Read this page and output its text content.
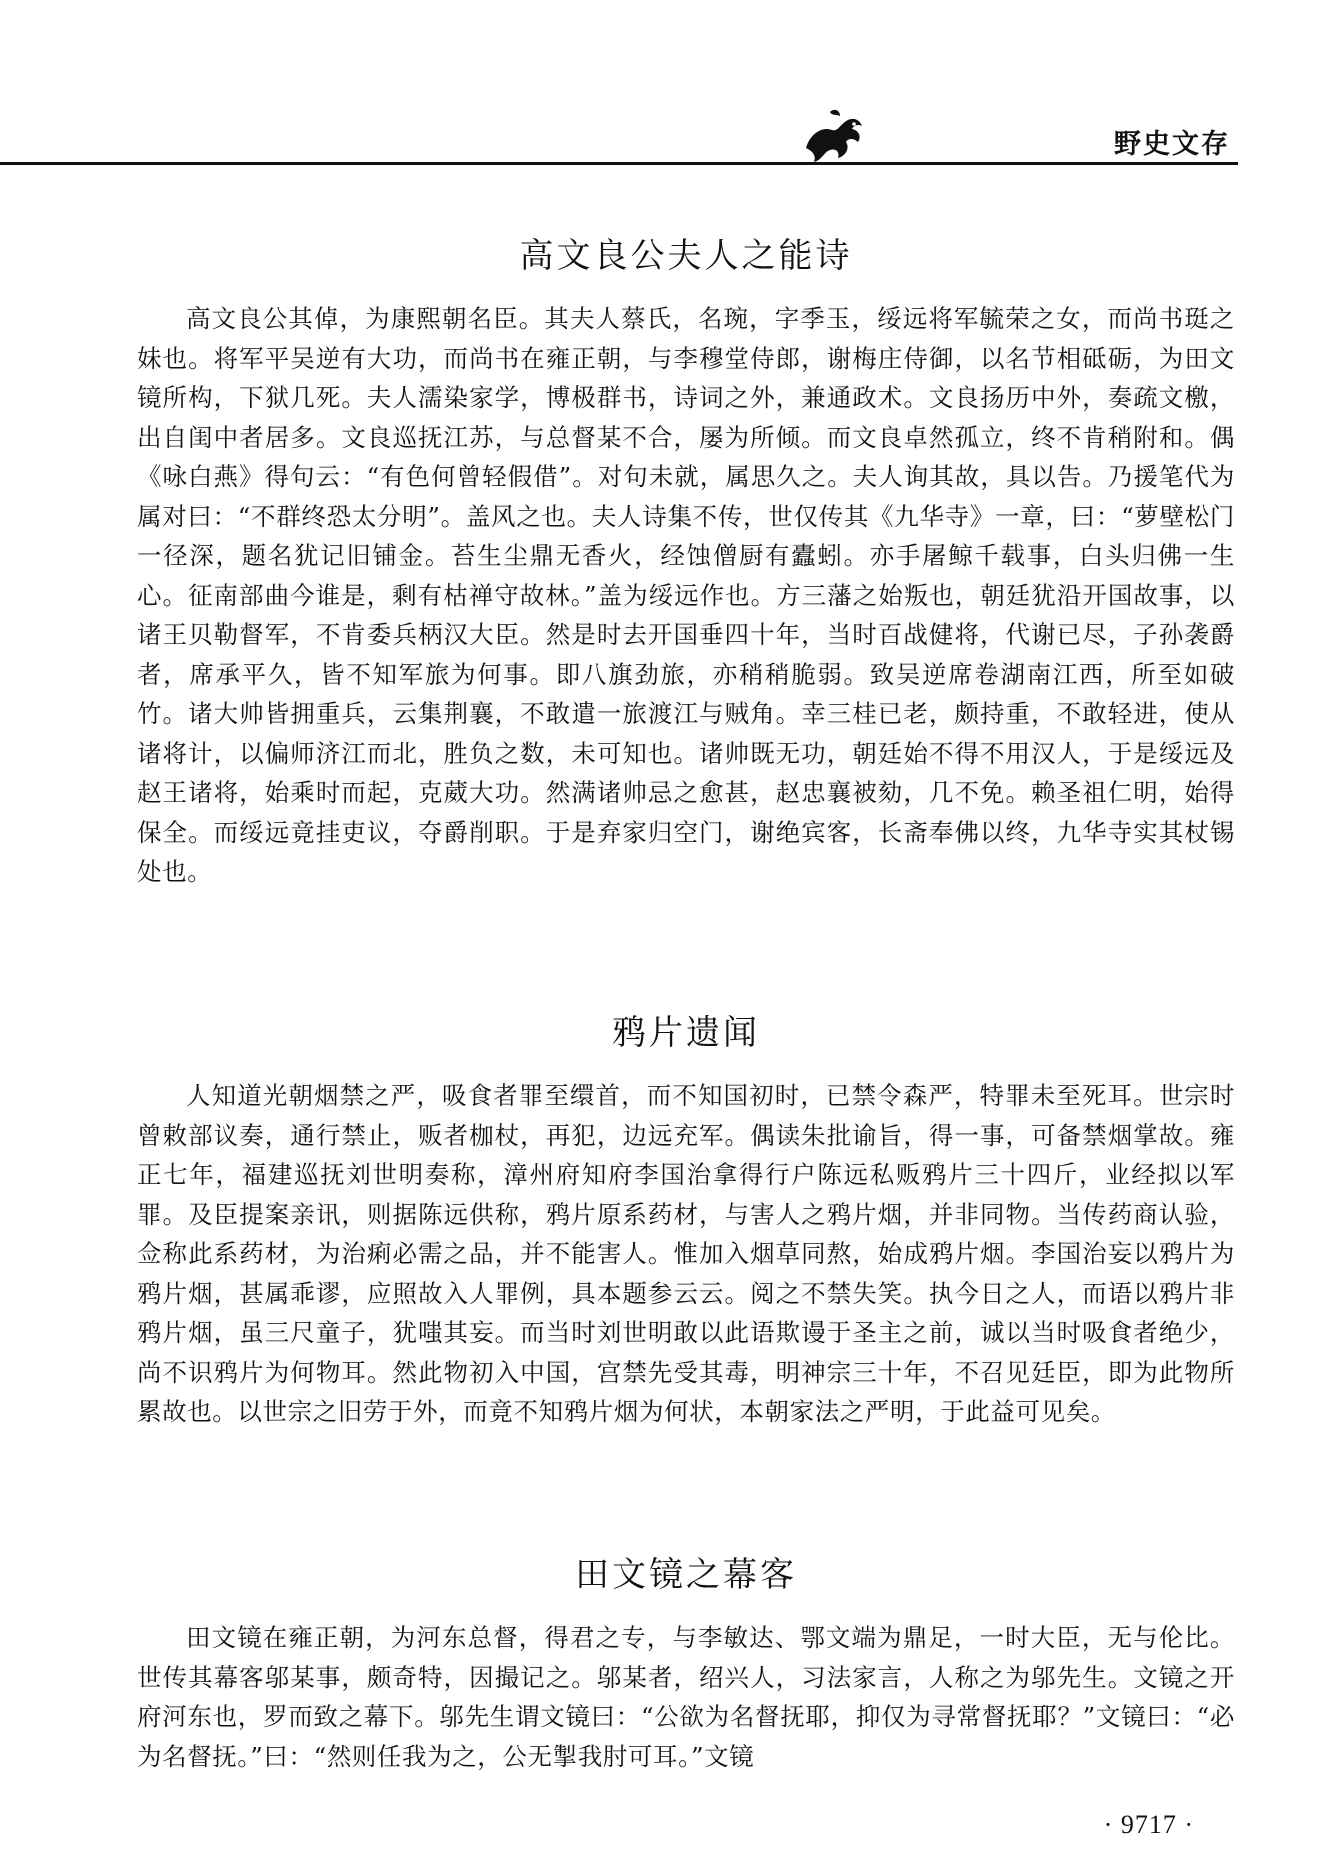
野史文存
高文良公夫人之能诗

高文良公其倬，为康熙朝名臣。其夫人蔡氏，名琬，字季玉，绥远将军毓荣之女，而尚书珽之妹也。将军平吴逆有大功，而尚书在雍正朝，与李穆堂侍郎，谢梅庄侍御，以名节相砥砺，为田文镜所构，下狱几死。夫人濡染家学，博极群书，诗词之外，兼通政术。文良扬历中外，奏疏文檄，出自闺中者居多。文良巡抚江苏，与总督某不合，屡为所倾。而文良卓然孤立，终不肯稍附和。偶《咏白燕》得句云：“有色何曾轻假借”。对句未就，属思久之。夫人询其故，具以告。乃援笔代为属对曰：“不群终恐太分明”。盖风之也。夫人诗集不传，世仅传其《九华寺》一章，曰：“萝壁松门一径深，题名犹记旧铺金。苔生尘鼎无香火，经蚀僧厨有蠹蚓。亦手屠鲸千载事，白头归佛一生心。征南部曲今谁是，剩有枯禅守故林。”盖为绥远作也。方三藩之始叛也，朝廷犹沿开国故事，以诸王贝勒督军，不肯委兵柄汉大臣。然是时去开国垂四十年，当时百战健将，代谢已尽，子孙袭爵者，席承平久，皆不知军旅为何事。即八旗劲旅，亦稍稍脆弱。致吴逆席卷湖南江西，所至如破竹。诸大帅皆拥重兵，云集荆襄，不敢遣一旅渡江与贼角。幸三桂已老，颇持重，不敢轻进，使从诸将计，以偏师济江而北，胜负之数，未可知也。诸帅既无功，朝廷始不得不用汉人，于是绥远及赵王诸将，始乘时而起，克葳大功。然满诸帅忌之愈甚，赵忠襄被劾，几不免。赖圣祖仁明，始得保全。而绥远竟挂吏议，夺爵削职。于是弃家归空门，谢绝宾客，长斋奉佛以终，九华寺实其杖锡处也。

鸦片遗闻

人知道光朝烟禁之严，吸食者罪至缳首，而不知国初时，已禁令森严，特罪未至死耳。世宗时曾敕部议奏，通行禁止，贩者枷杖，再犯，边远充军。偶读朱批谕旨，得一事，可备禁烟掌故。雍正七年，福建巡抚刘世明奏称，漳州府知府李国治拿得行户陈远私贩鸦片三十四斤，业经拟以军罪。及臣提案亲讯，则据陈远供称，鸦片原系药材，与害人之鸦片烟，并非同物。当传药商认验，佥称此系药材，为治痢必需之品，并不能害人。惟加入烟草同熬，始成鸦片烟。李国治妄以鸦片为鸦片烟，甚属乖谬，应照故入人罪例，具本题参云云。阅之不禁失笑。执今日之人，而语以鸦片非鸦片烟，虽三尺童子，犹嗤其妄。而当时刘世明敢以此语欺谩于圣主之前，诚以当时吸食者绝少，尚不识鸦片为何物耳。然此物初入中国，宫禁先受其毒，明神宗三十年，不召见廷臣，即为此物所累故也。以世宗之旧劳于外，而竟不知鸦片烟为何状，本朝家法之严明，于此益可见矣。

田文镜之幕客

田文镜在雍正朝，为河东总督，得君之专，与李敏达、鄂文端为鼎足，一时大臣，无与伦比。世传其幕客邬某事，颇奇特，因撮记之。邬某者，绍兴人，习法家言，人称之为邬先生。文镜之开府河东也，罗而致之幕下。邬先生谓文镜曰：“公欲为名督抚耶，抑仅为寻常督抚耶？”文镜曰：“必为名督抚。”曰：“然则任我为之，公无掣我肘可耳。”文镜

· 9717 ·
